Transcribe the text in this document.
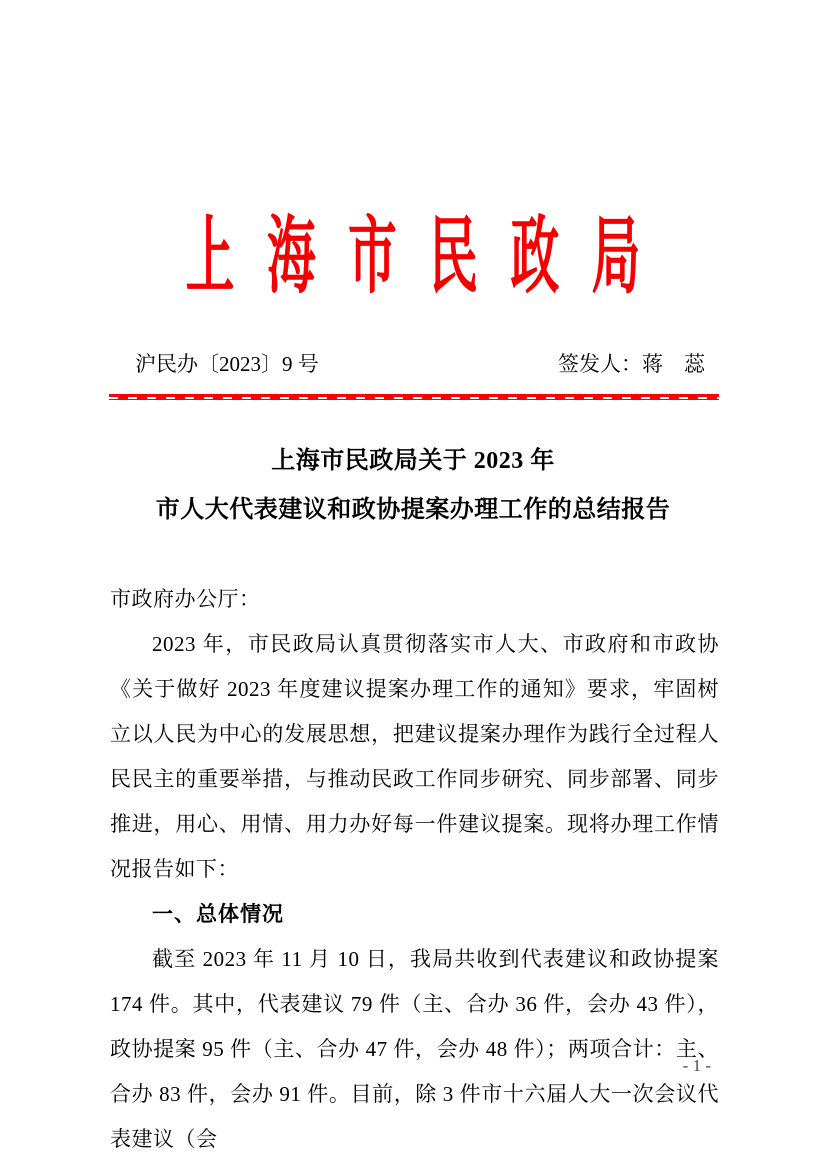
上海市民政局
沪民办〔2023〕9 号	签发人：蒋　蕊
上海市民政局关于 2023 年
市人大代表建议和政协提案办理工作的总结报告

市政府办公厅：

2023 年，市民政局认真贯彻落实市人大、市政府和市政协《关于做好 2023 年度建议提案办理工作的通知》要求，牢固树立以人民为中心的发展思想，把建议提案办理作为践行全过程人民民主的重要举措，与推动民政工作同步研究、同步部署、同步推进，用心、用情、用力办好每一件建议提案。现将办理工作情况报告如下：

一、总体情况

截至 2023 年 11 月 10 日，我局共收到代表建议和政协提案 174 件。其中，代表建议 79 件（主、合办 36 件，会办 43 件），政协提案 95 件（主、合办 47 件，会办 48 件）；两项合计：主、合办 83 件，会办 91 件。目前，除 3 件市十六届人大一次会议代表建议（会

- 1 -
